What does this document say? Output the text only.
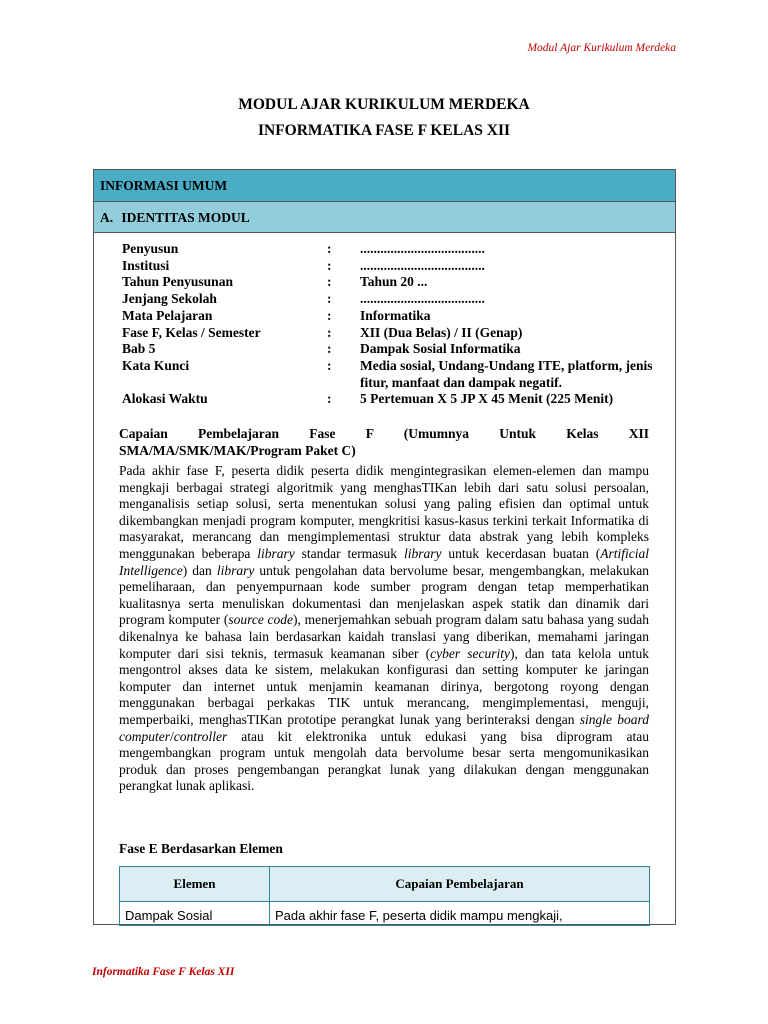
Modul Ajar Kurikulum Merdeka
MODUL AJAR KURIKULUM MERDEKA
INFORMATIKA FASE F KELAS XII
INFORMASI UMUM
A. IDENTITAS MODUL
Penyusun	:	.....................................
Institusi	:	.....................................
Tahun Penyusunan	:	Tahun 20 ...
Jenjang Sekolah	:	.....................................
Mata Pelajaran	:	Informatika
Fase F, Kelas / Semester	:	XII (Dua Belas) / II (Genap)
Bab 5	:	Dampak Sosial Informatika
Kata Kunci	:	Media sosial, Undang-Undang ITE, platform, jenis fitur, manfaat dan dampak negatif.
Alokasi Waktu	:	5 Pertemuan X 5 JP X 45 Menit (225 Menit)
Capaian Pembelajaran Fase F (Umumnya Untuk Kelas XII
SMA/MA/SMK/MAK/Program Paket C)
Pada akhir fase F, peserta didik peserta didik mengintegrasikan elemen-elemen dan mampu mengkaji berbagai strategi algoritmik yang menghasTIKan lebih dari satu solusi persoalan, menganalisis setiap solusi, serta menentukan solusi yang paling efisien dan optimal untuk dikembangkan menjadi program komputer, mengkritisi kasus-kasus terkini terkait Informatika di masyarakat, merancang dan mengimplementasi struktur data abstrak yang lebih kompleks menggunakan beberapa library standar termasuk library untuk kecerdasan buatan (Artificial Intelligence) dan library untuk pengolahan data bervolume besar, mengembangkan, melakukan pemeliharaan, dan penyempurnaan kode sumber program dengan tetap memperhatikan kualitasnya serta menuliskan dokumentasi dan menjelaskan aspek statik dan dinamik dari program komputer (source code), menerjemahkan sebuah program dalam satu bahasa yang sudah dikenalnya ke bahasa lain berdasarkan kaidah translasi yang diberikan, memahami jaringan komputer dari sisi teknis, termasuk keamanan siber (cyber security), dan tata kelola untuk mengontrol akses data ke sistem, melakukan konfigurasi dan setting komputer ke jaringan komputer dan internet untuk menjamin keamanan dirinya, bergotong royong dengan menggunakan berbagai perkakas TIK untuk merancang, mengimplementasi, menguji, memperbaiki, menghasTIKan prototipe perangkat lunak yang berinteraksi dengan single board computer/controller atau kit elektronika untuk edukasi yang bisa diprogram atau mengembangkan program untuk mengolah data bervolume besar serta mengomunikasikan produk dan proses pengembangan perangkat lunak yang dilakukan dengan menggunakan perangkat lunak aplikasi.
Fase E Berdasarkan Elemen
Elemen	Capaian Pembelajaran
Dampak Sosial	Pada akhir fase F, peserta didik mampu mengkaji,
Informatika Fase F Kelas XII
